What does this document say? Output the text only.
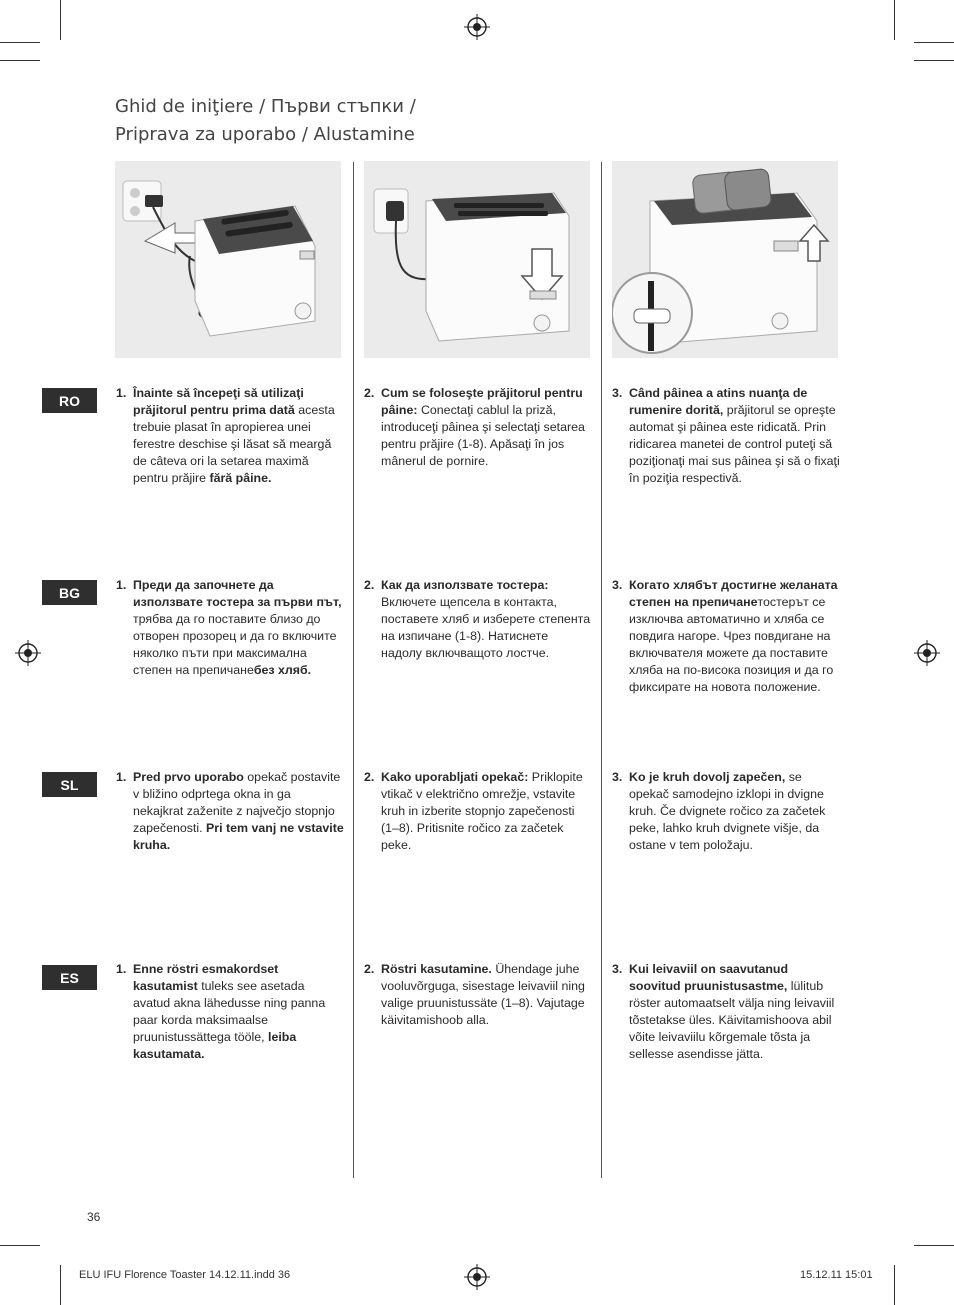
Ghid de iniţiere / Първи стъпки /
Priprava za uporabo / Alustamine
RO
BG
SL
ES
1. Înainte să începeţi să utilizaţi prăjitorul pentru prima dată acesta trebuie plasat în apropierea unei ferestre deschise şi lăsat să meargă de câteva ori la setarea maximă pentru prăjire fără pâine.
2. Cum se foloseşte prăjitorul pentru pâine: Conectaţi cablul la priză, introduceţi pâinea şi selectaţi setarea pentru prăjire (1-8). Apăsaţi în jos mânerul de pornire.
3. Când pâinea a atins nuanţa de rumenire dorită, prăjitorul se opreşte automat şi pâinea este ridicată. Prin ridicarea manetei de control puteţi să poziţionaţi mai sus pâinea şi să o fixaţi în poziţia respectivă.
1. Преди да започнете да използвате тостера за първи път, трябва да го поставите близо до отворен прозорец и да го включите няколко пъти при максимална степен на препичанебез хляб.
2. Как да използвате тостера: Включете щепсела в контакта, поставете хляб и изберете степента на изпичане (1-8). Натиснете надолу включващото лостче.
3. Когато хлябът достигне желаната степен на препичанетостерът се изключва автоматично и хляба се повдига нагоре. Чрез повдигане на включвателя можете да поставите хляба на по-висока позиция и да го фиксирате на новота положение.
1. Pred prvo uporabo opekač postavite v bližino odprtega okna in ga nekajkrat zaženite z največjo stopnjo zapečenosti. Pri tem vanj ne vstavite kruha.
2. Kako uporabljati opekač: Priklopite vtikač v električno omrežje, vstavite kruh in izberite stopnjo zapečenosti (1–8). Pritisnite ročico za začetek peke.
3. Ko je kruh dovolj zapečen, se opekač samodejno izklopi in dvigne kruh. Če dvignete ročico za začetek peke, lahko kruh dvignete višje, da ostane v tem položaju.
1. Enne röstri esmakordset kasutamist tuleks see asetada avatud akna lähedusse ning panna paar korda maksimaalse pruunistussättega tööle, leiba kasutamata.
2. Röstri kasutamine. Ühendage juhe vooluvõrguga, sisestage leivaviil ning valige pruunistussäte (1–8). Vajutage käivitamishoob alla.
3. Kui leivaviil on saavutanud soovitud pruunistusastme, lülitub röster automaatselt välja ning leivaviil tõstetakse üles. Käivitamishoova abil võite leivaviilu kõrgemale tõsta ja sellesse asendisse jätta.
36
ELU IFU Florence Toaster 14.12.11.indd 36	15.12.11 15:01
